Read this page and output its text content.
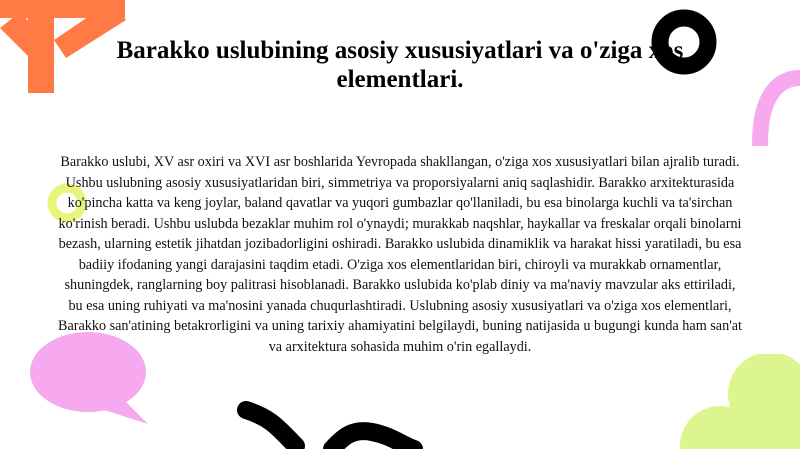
Barakko uslubining asosiy xususiyatlari va o'ziga xos elementlari.

Barakko uslubi, XV asr oxiri va XVI asr boshlarida Yevropada shakllangan, o'ziga xos xususiyatlari bilan ajralib turadi. Ushbu uslubning asosiy xususiyatlaridan biri, simmetriya va proporsiyalarni aniq saqlashidir. Barakko arxitekturasida ko'pincha katta va keng joylar, baland qavatlar va yuqori gumbazlar qo'llaniladi, bu esa binolarga kuchli va ta'sirchan ko'rinish beradi. Ushbu uslubda bezaklar muhim rol o'ynaydi; murakkab naqshlar, haykallar va freskalar orqali binolarni bezash, ularning estetik jihatdan jozibadorligini oshiradi. Barakko uslubida dinamiklik va harakat hissi yaratiladi, bu esa badiiy ifodaning yangi darajasini taqdim etadi. O'ziga xos elementlaridan biri, chiroyli va murakkab ornamentlar, shuningdek, ranglarning boy palitrasi hisoblanadi. Barakko uslubida ko'plab diniy va ma'naviy mavzular aks ettiriladi, bu esa uning ruhiyati va ma'nosini yanada chuqurlashtiradi. Uslubning asosiy xususiyatlari va o'ziga xos elementlari, Barakko san'atining betakrorligini va uning tarixiy ahamiyatini belgilaydi, buning natijasida u bugungi kunda ham san'at va arxitektura sohasida muhim o'rin egallaydi.
